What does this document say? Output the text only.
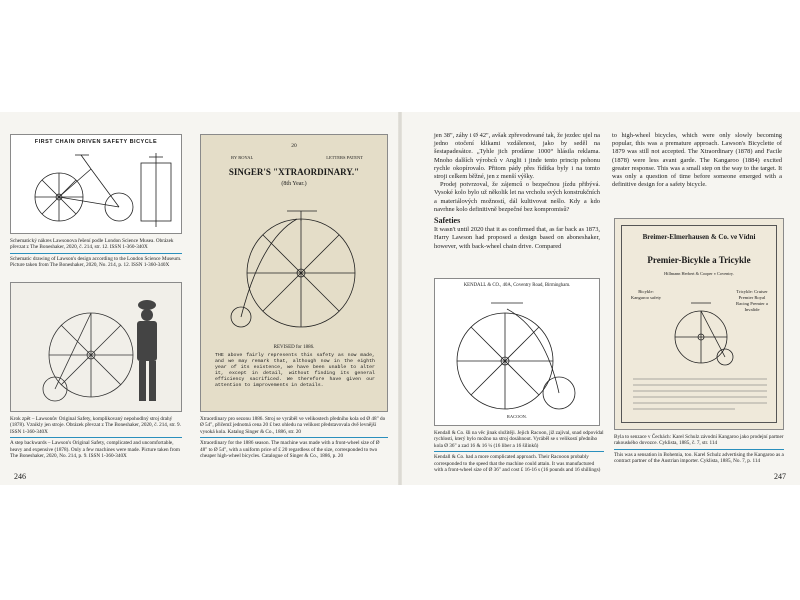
FIRST CHAIN DRIVEN SAFETY BICYCLE

Schematický nákres Lawsonova řešení podle London Science Musea. Obrázek převzat z The Boneshaker, 2020, č. 214, str. 12. ISSN 1-360-340X

Schematic drawing of Lawson's design according to the London Science Museum. Picture taken from The Boneshaker, 2020, No. 214, p. 12. ISSN 1-360-340X

Krok zpět – Lawsonův Original Safety, komplikovaný nepohodlný stroj drahý (1878). Vznikly jen stroje. Obrázek převzat z The Boneshaker, 2020, č. 214, str. 9. ISSN 1-360-340X

A step backwards – Lawson's Original Safety, complicated and uncomfortable, heavy and expensive (1878). Only a few machines were made. Picture taken from The Boneshaker, 2020, No. 214, p. 9. ISSN 1-360-340X

20
BY ROYAL	LETTERS PATENT
SINGER'S "XTRAORDINARY."
(8th Year.)
REVISED for 1886.
THE above fairly represents this safety as now made, and we may remark that, although now in the eighth year of its existence, we have been unable to alter it, except in detail, without finding its general efficiency sacrificed. We therefore have given our attention to improvements in details.

Xtraordinary pro sezonu 1886. Stroj se vyráběl ve velikostech předního kola od Ø 48" do Ø 54", přičemž jednotná cena 20 £ bez ohledu na velikost představovala dvě levnější vysoká kola. Katalog Singer & Co., 1886, str. 20

Xtraordinary for the 1886 season. The machine was made with a front-wheel size of Ø 48" to Ø 54", with a uniform price of £ 20 regardless of the size, corresponded to two cheaper high-wheel bicycles. Catalogue of Singer & Co., 1886, p. 20

246

jen 38", záhy i Ø 42", avšak zpřevodované tak, že jezdec ujel na jedno otočení klikami vzdálenost, jako by seděl na šestapadesátce. „Tyhle jich prodáme 1000“ hlásila reklama. Mnoho dalších výrobců v Anglii i jinde tento princip pohonu rychle okopírovalo. Přitom pády přes řídítka byly i na tomto stroji celkem běžné, jen z menší výšky.

Prodej potvrzoval, že zájemců o bezpečnou jízdu přibývá. Vysoké kolo bylo už několik let na vrcholu svých konstrukčních a materiálových možností, dál kultivovat nešlo. Kdy a kdo navrhne kolo definitivně bezpečné bez kompromisů?

Safeties

It wasn't until 2020 that it as confirmed that, as far back as 1873, Harry Lawson had proposed a design based on aboneshaker, however, with back-wheel chain drive. Compared

to high-wheel bicycles, which were only slowly becoming popular, this was a premature approach. Lawson's Bicyclette of 1879 was still not accepted. The Xtraordinary (1878) and Facile (1878) were less avant garde. The Kangaroo (1884) excited greater response. This was a small step on the way to the target. It was only a question of time before someone emerged with a definitive design for a safety bicycle.

KENDALL & CO., 40A, Coventry Road, Birmingham.
RACOON.

Kendall & Co. šli na věc jinak složitěji. Jejich Racoon, již zajíval, snad odpovídal rychlosti, který bylo možno na stroj dosáhnout. Vyráběl se s velikostí předního kola Ø 36" a zad 16 & 16 ¼ (16 liber a 16 šilinků)

Kendall & Co. had a more complicated approach. Their Racooon probably corresponded to the speed that the machine could attain. It was manufactured with a front-wheel size of Ø 36" and cost £ 16-16 s (16 pounds and 16 shillings)

Breimer-Elmerhausen & Co. ve Vídni
Premier-Bicykle a Tricykle
Hillmann Herbert & Cooper v Coventry.
Bicykle: Kangaroo safety
Tricykle: Cruiser Premier Royal Racing Premier a Invalide

Byla to senzace v Čechách: Karel Schulz závodní Kangaroo jako prodejní partner rakouského dovozce. Cyklista, 1885, č. 7, str. 114

This was a sensation in Bohemia, too. Karel Schulz advertising the Kangaroo as a contract partner of the Austrian importer. Cyklista, 1885, No. 7, p. 114

247
